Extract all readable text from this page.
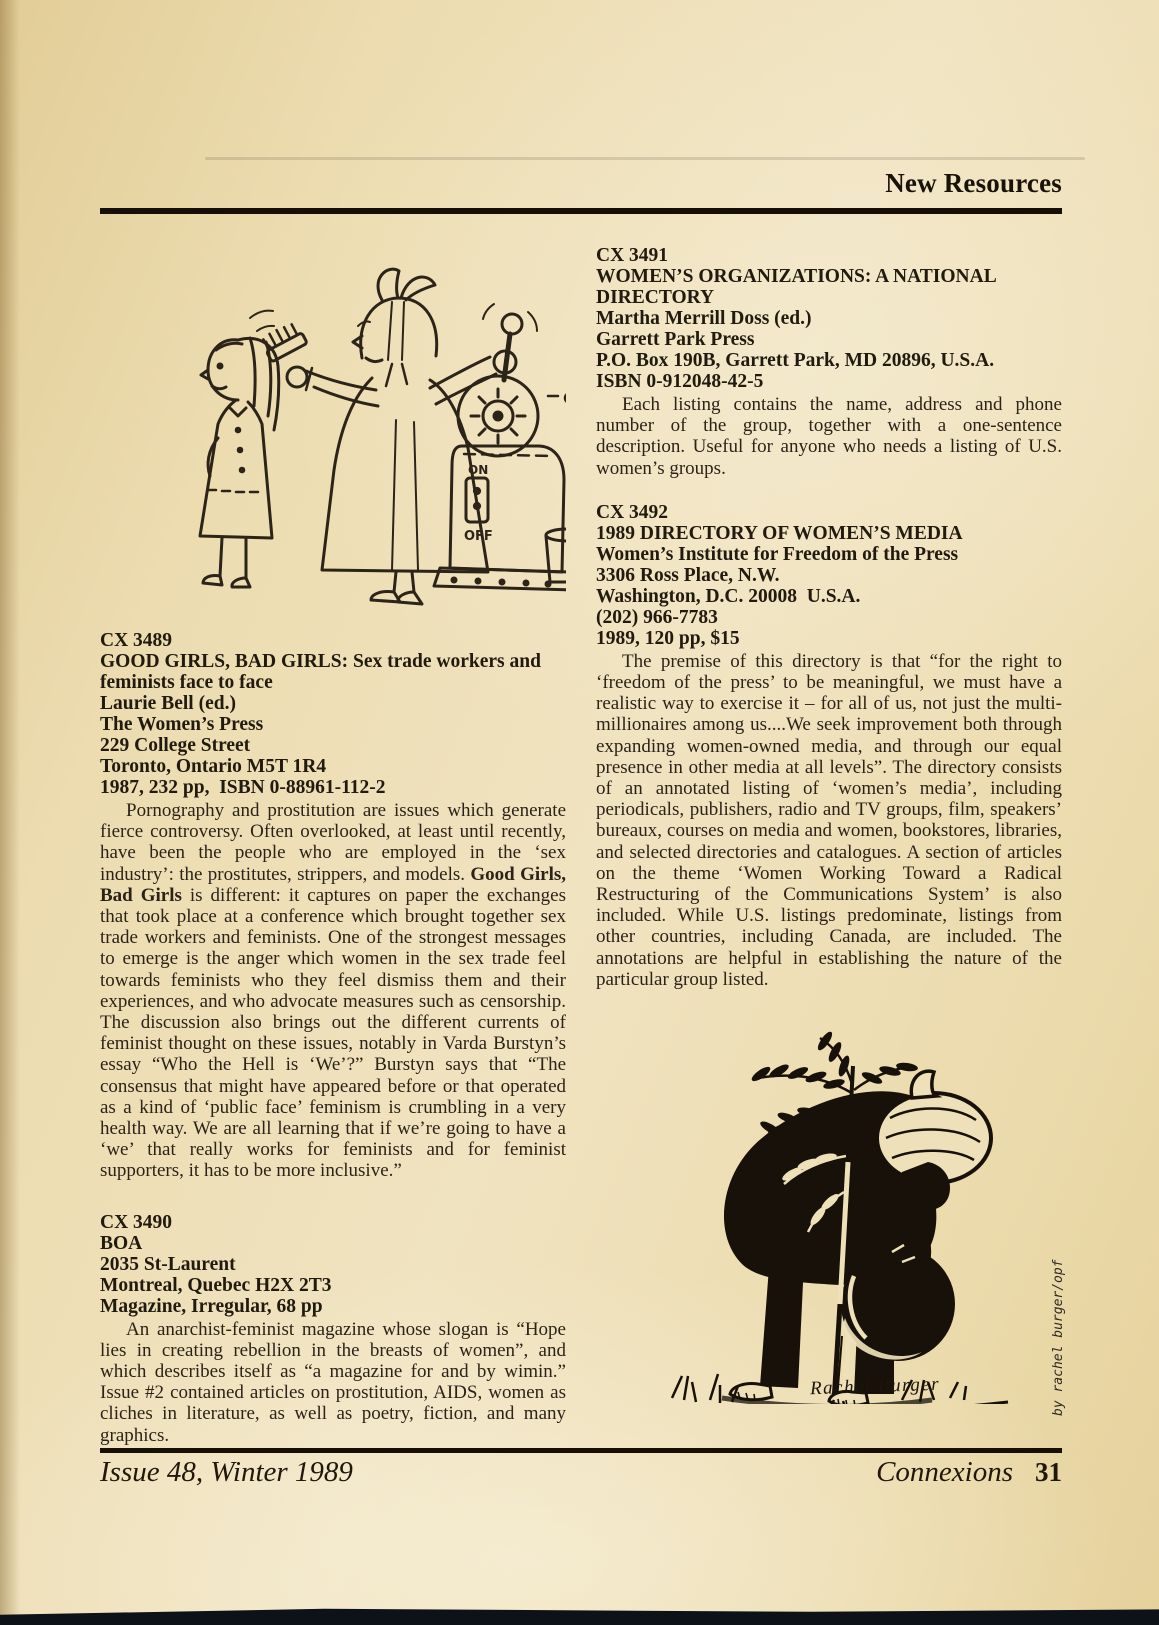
New Resources
ON
OFF
CX 3489
GOOD GIRLS, BAD GIRLS: Sex trade workers and feminists face to face
Laurie Bell (ed.)
The Women’s Press
229 College Street
Toronto, Ontario M5T 1R4
1987, 232 pp,  ISBN 0-88961-112-2

Pornography and prostitution are issues which generate fierce controversy. Often overlooked, at least until recently, have been the people who are employed in the ‘sex industry’: the prostitutes, strippers, and models. Good Girls, Bad Girls is different: it captures on paper the exchanges that took place at a conference which brought together sex trade workers and feminists. One of the strongest messages to emerge is the anger which women in the sex trade feel towards feminists who they feel dismiss them and their experiences, and who advocate measures such as censorship. The discussion also brings out the different currents of feminist thought on these issues, notably in Varda Burstyn’s essay “Who the Hell is ‘We’?” Burstyn says that “The consensus that might have appeared before or that operated as a kind of ‘public face’ feminism is crumbling in a very health way. We are all learning that if we’re going to have a ‘we’ that really works for feminists and for feminist supporters, it has to be more inclusive.”

CX 3490
BOA
2035 St-Laurent
Montreal, Quebec H2X 2T3
Magazine, Irregular, 68 pp

An anarchist-feminist magazine whose slogan is “Hope lies in creating rebellion in the breasts of women”, and which describes itself as “a magazine for and by wimin.” Issue #2 contained articles on prostitution, AIDS, women as cliches in literature, as well as poetry, fiction, and many graphics.

CX 3491
WOMEN’S ORGANIZATIONS: A NATIONAL DIRECTORY
Martha Merrill Doss (ed.)
Garrett Park Press
P.O. Box 190B, Garrett Park, MD 20896, U.S.A.
ISBN 0-912048-42-5

Each listing contains the name, address and phone number of the group, together with a one-sentence description. Useful for anyone who needs a listing of U.S. women’s groups.

CX 3492
1989 DIRECTORY OF WOMEN’S MEDIA
Women’s Institute for Freedom of the Press
3306 Ross Place, N.W.
Washington, D.C. 20008  U.S.A.
(202) 966-7783
1989, 120 pp, $15

The premise of this directory is that “for the right to ‘freedom of the press’ to be meaningful, we must have a realistic way to exercise it – for all of us, not just the multi-millionaires among us....We seek improvement both through expanding women-owned media, and through our equal presence in other media at all levels”. The directory consists of an annotated listing of ‘women’s media’, including periodicals, publishers, radio and TV groups, film, speakers’ bureaux, courses on media and women, bookstores, libraries, and selected directories and catalogues. A section of articles on the theme ‘Women Working Toward a Radical Restructuring of the Communications System’ is also included. While U.S. listings predominate, listings from other countries, including Canada, are included. The annotations are helpful in establishing the nature of the particular group listed.

Rachel Burger	by rachel burger/opf
Issue 48, Winter 1989	Connexions 31
